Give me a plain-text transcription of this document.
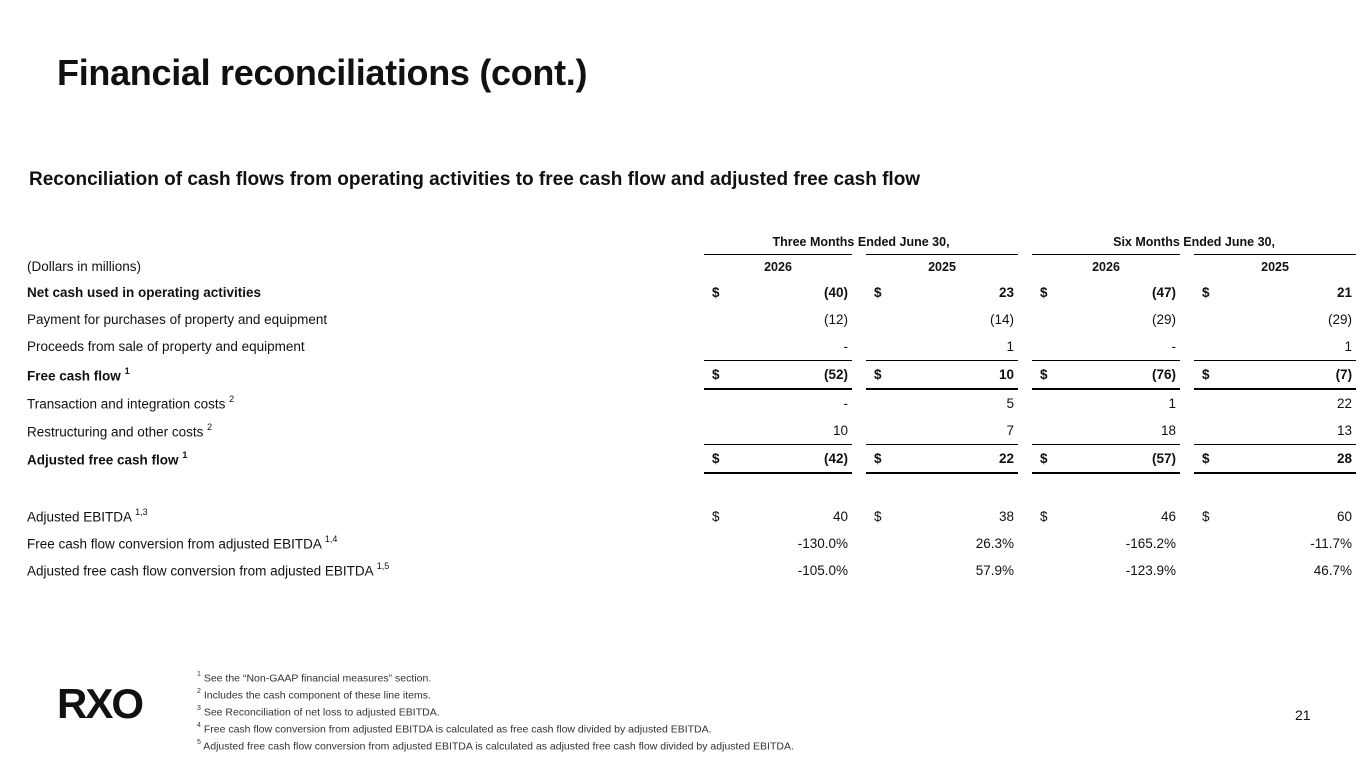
Financial reconciliations (cont.)
Reconciliation of cash flows from operating activities to free cash flow and adjusted free cash flow
	Three Months Ended June 30,						Six Months Ended June 30,					
(Dollars in millions)	2026			2025			2026			2025		
Net cash used in operating activities	$	(40)		$	23		$	(47)		$	21	
Payment for purchases of property and equipment		(12)			(14)			(29)			(29)	
Proceeds from sale of property and equipment		-			1			-			1	
Free cash flow $^1$	$	(52)		$	10		$	(76)		$	(7)	
Transaction and integration costs $^2$		-			5			1			22	
Restructuring and other costs $^2$		10			7			18			13	
Adjusted free cash flow $^1$	$	(42)		$	22		$	(57)		$	28	

Adjusted EBITDA $^{1,3}$	$	40		$	38		$	46		$	60	
Free cash flow conversion from adjusted EBITDA $^{1,4}$		-130.0%			26.3%			-165.2%			-11.7%	
Adjusted free cash flow conversion from adjusted EBITDA $^{1,5}$		-105.0%			57.9%			-123.9%			46.7%	
RXO
$^1$ See the “Non-GAAP financial measures” section.
$^2$ Includes the cash component of these line items.
$^3$ See Reconciliation of net loss to adjusted EBITDA.
$^4$ Free cash flow conversion from adjusted EBITDA is calculated as free cash flow divided by adjusted EBITDA.
$^5$ Adjusted free cash flow conversion from adjusted EBITDA is calculated as adjusted free cash flow divided by adjusted EBITDA.
21
